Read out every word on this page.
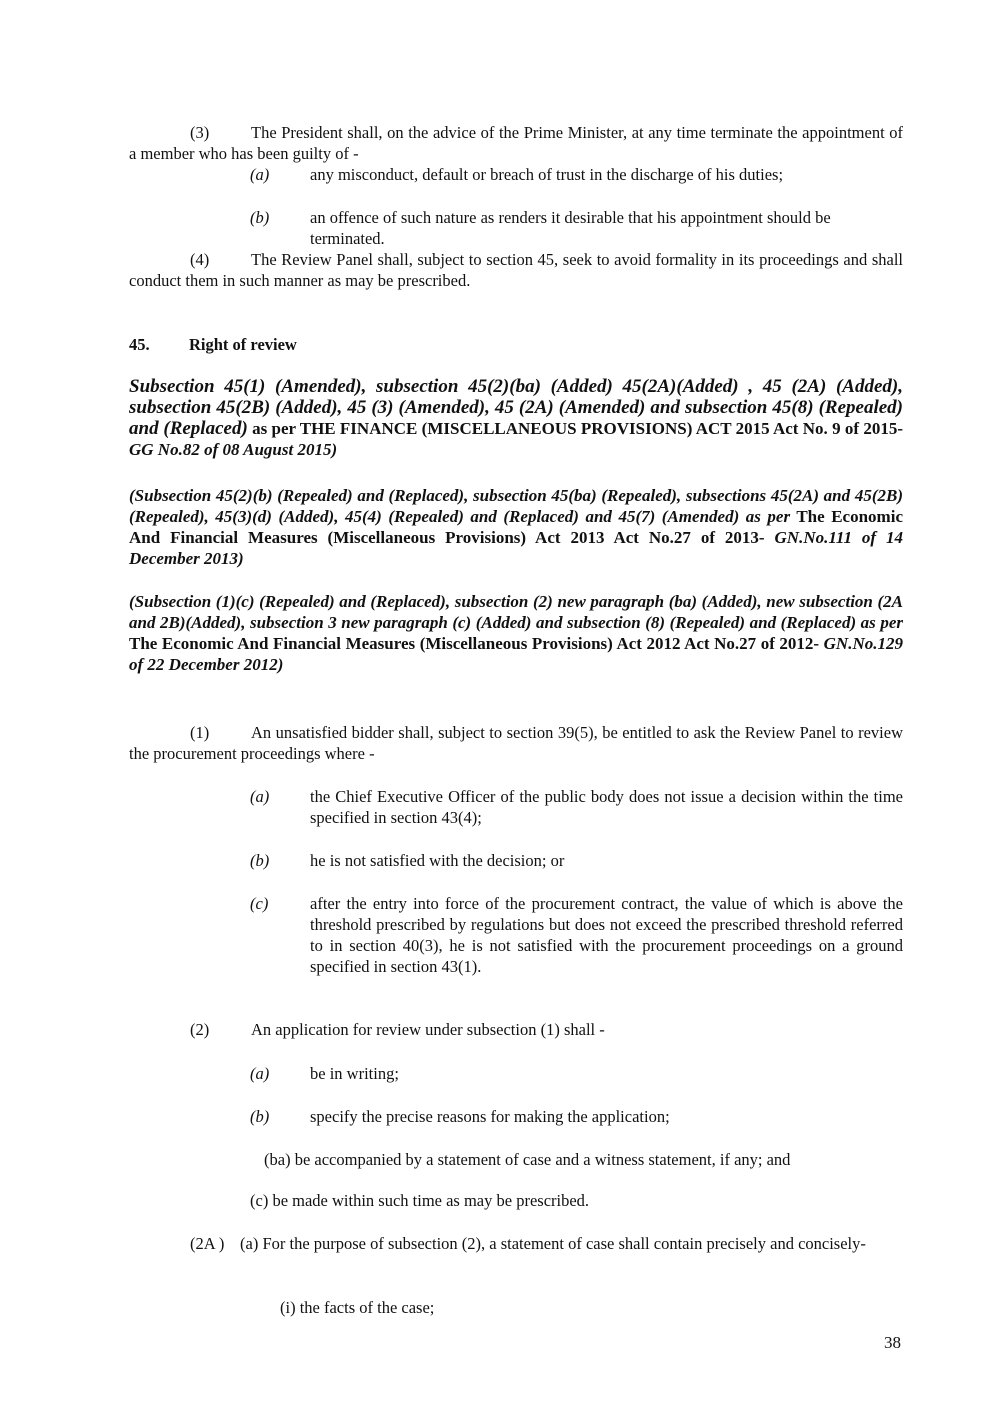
(3)	The President shall, on the advice of the Prime Minister, at any time terminate the appointment of a member who has been guilty of -
(a) any misconduct, default or breach of trust in the discharge of his duties;
(b) an offence of such nature as renders it desirable that his appointment should be terminated.
(4)	The Review Panel shall, subject to section 45, seek to avoid formality in its proceedings and shall conduct them in such manner as may be prescribed.
45. Right of review
Subsection 45(1) (Amended), subsection 45(2)(ba) (Added) 45(2A)(Added) , 45 (2A) (Added), subsection 45(2B) (Added), 45 (3) (Amended), 45 (2A) (Amended) and subsection 45(8) (Repealed) and (Replaced) as per THE FINANCE (MISCELLANEOUS PROVISIONS) ACT 2015 Act No. 9 of 2015- GG No.82 of 08 August 2015)
(Subsection 45(2)(b) (Repealed) and (Replaced), subsection 45(ba) (Repealed), subsections 45(2A) and 45(2B) (Repealed), 45(3)(d) (Added), 45(4) (Repealed) and (Replaced) and 45(7) (Amended) as per The Economic And Financial Measures (Miscellaneous Provisions) Act 2013 Act No.27 of 2013- GN.No.111 of 14 December 2013)
(Subsection (1)(c) (Repealed) and (Replaced), subsection (2) new paragraph (ba) (Added), new subsection (2A and 2B)(Added), subsection 3 new paragraph (c) (Added) and subsection (8) (Repealed) and (Replaced) as per The Economic And Financial Measures (Miscellaneous Provisions) Act 2012 Act No.27 of 2012- GN.No.129 of 22 December 2012)
(1)	An unsatisfied bidder shall, subject to section 39(5), be entitled to ask the Review Panel to review the procurement proceedings where -
(a) the Chief Executive Officer of the public body does not issue a decision within the time specified in section 43(4);
(b) he is not satisfied with the decision; or
(c)	after the entry into force of the procurement contract, the value of which is above the threshold prescribed by regulations but does not exceed the prescribed threshold referred to in section 40(3), he is not satisfied with the procurement proceedings on a ground specified in section 43(1).
(2)	An application for review under subsection (1) shall -
(a) be in writing;
(b) specify the precise reasons for making the application;
(ba) be accompanied by a statement of case and a witness statement, if any; and
(c) be made within such time as may be prescribed.
(2A ) (a) For the purpose of subsection (2), a statement of case shall contain precisely and concisely-
(i) the facts of the case;
38
